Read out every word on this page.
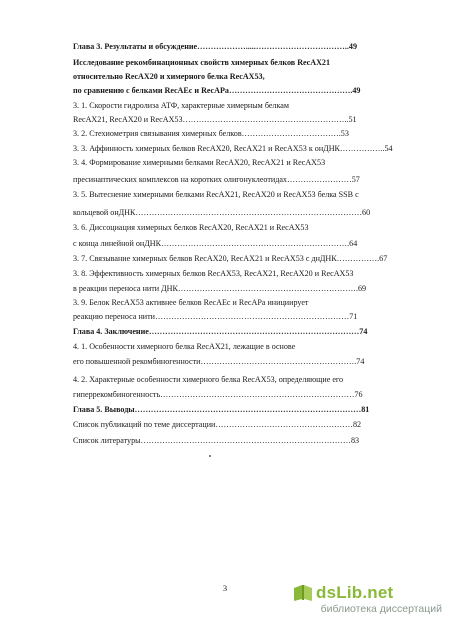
Глава 3. Результаты и обсуждение……………….....……………………………..49
Исследование рекомбинационных свойств химерных белков RecAX21
относительно RecAX20 и химерного белка RecAX53,
по сравнению с белками RecAEc и RecAPa……………………………………….49
3. 1. Скорости гидролиза АТФ, характерные химерным белкам
RecAX21, RecAX20 и RecAX53……………………………………………………..51
3. 2. Стехиометрия связывания химерных белков……………………………….53
3. 3. Аффинность химерных белков RecAX20, RecAX21 и RecAX53 к онДНК……………..54
3. 4. Формирование химерными белками RecAX20, RecAX21 и RecAX53
пресинаптических комплексов на коротких олигонуклеотидах……………………57
3. 5. Вытеснение химерными белками RecAX21, RecAX20 и RecAX53 белка SSB с
кольцевой онДНК…………………………………………………………………………60
3. 6. Диссоциация химерных белков RecAX20, RecAX21 и RecAX53
с конца линейной онДНК…………………………………………………………….64
3. 7. Связывание химерных белков RecAX20, RecAX21 и RecAX53 с днДНК…………….67
3. 8. Эффективность химерных белков RecAX53, RecAX21, RecAX20 и RecAX53
в реакции переноса нити ДНК………………………………………………………….69
3. 9. Белок RecAX53 активнее белков RecAEc и RecAPa инициирует
реакцию переноса нити………………………………………………………………71
Глава 4. Заключение……………………………………………………………………74
4. 1. Особенности химерного белка RecAX21, лежащие в основе
его повышенной рекомбиногенности………………………………………………….74
4. 2. Характерные особенности химерного белка RecAX53, определяющие его
гиперрекомбиногенность………………………………………………………………76
Глава 5. Выводы…………………………………………………………………………81
Список публикаций по теме диссертации……………………………………………82
Список литературы……………………………………………………………………83
3	dsLib.net
библиотека диссертаций
